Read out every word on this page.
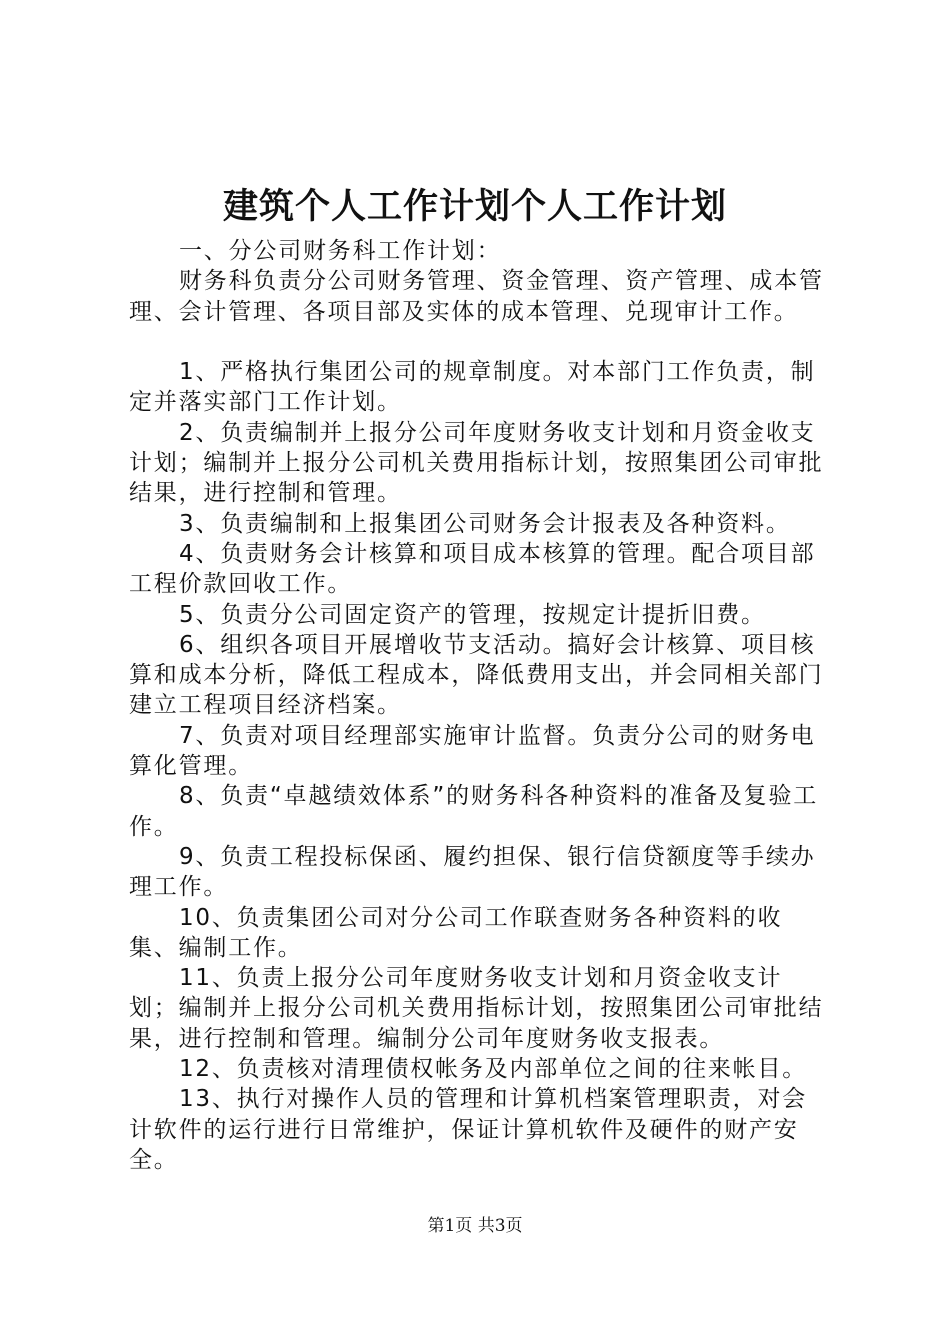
建筑个人工作计划个人工作计划

一、分公司财务科工作计划：

财务科负责分公司财务管理、资金管理、资产管理、成本管理、会计管理、各项目部及实体的成本管理、兑现审计工作。

1、严格执行集团公司的规章制度。对本部门工作负责，制定并落实部门工作计划。

2、负责编制并上报分公司年度财务收支计划和月资金收支计划；编制并上报分公司机关费用指标计划，按照集团公司审批结果，进行控制和管理。

3、负责编制和上报集团公司财务会计报表及各种资料。

4、负责财务会计核算和项目成本核算的管理。配合项目部工程价款回收工作。

5、负责分公司固定资产的管理，按规定计提折旧费。

6、组织各项目开展增收节支活动。搞好会计核算、项目核算和成本分析，降低工程成本，降低费用支出，并会同相关部门建立工程项目经济档案。

7、负责对项目经理部实施审计监督。负责分公司的财务电算化管理。

8、负责“卓越绩效体系”的财务科各种资料的准备及复验工作。

9、负责工程投标保函、履约担保、银行信贷额度等手续办理工作。

10、负责集团公司对分公司工作联查财务各种资料的收集、编制工作。

11、负责上报分公司年度财务收支计划和月资金收支计划；编制并上报分公司机关费用指标计划，按照集团公司审批结果，进行控制和管理。编制分公司年度财务收支报表。

12、负责核对清理债权帐务及内部单位之间的往来帐目。

13、执行对操作人员的管理和计算机档案管理职责，对会计软件的运行进行日常维护，保证计算机软件及硬件的财产安全。

第1页 共3页
